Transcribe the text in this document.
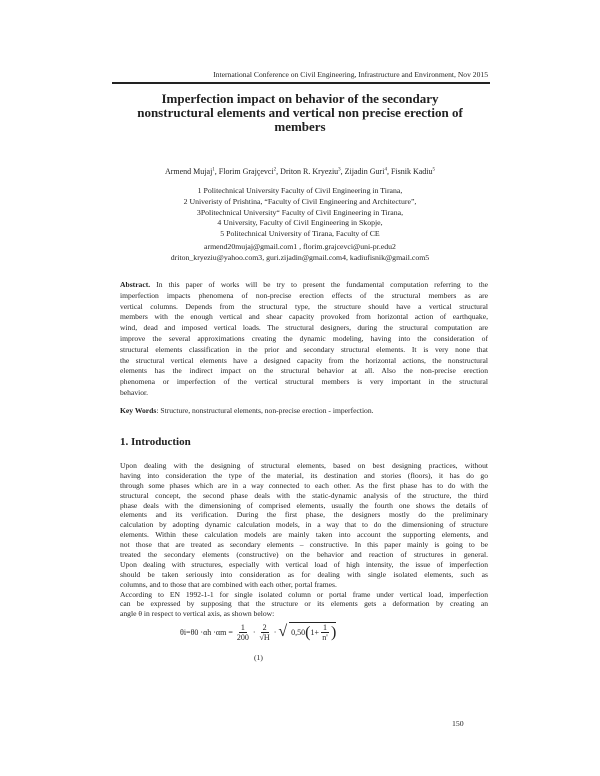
International Conference on Civil Engineering, Infrastructure and Environment, Nov 2015
Imperfection impact on behavior of the secondary
nonstructural elements and vertical non precise erection of
members
Armend Mujaj$^1$, Florim Grajçevci$^2$, Driton R. Kryeziu$^3$, Zijadin Guri$^4$, Fisnik Kadiu$^5$
1 Politechnical University Faculty of Civil Engineering in Tirana,
2 Univeristy of Prishtina, “Faculty of Civil Engineering and Architecture”,
3Politechnical University“ Faculty of Civil Engineering in Tirana,
4 University, Faculty of Civil Engineering in Skopje,
5 Politechnical University of Tirana, Faculty of CE
armend20mujaj@gmail.com1 , florim.grajcevci@uni-pr.edu2
driton_kryeziu@yahoo.com3, guri.zijadin@gmail.com4, kadiufisnik@gmail.com5
Abstract. In this paper of works will be try to present the fundamental computation referring to the
imperfection impacts phenomena of non-precise erection effects of the structural members as are
vertical columns. Depends from the structural type, the structure should have a vertical structural
members with the enough vertical and shear capacity provoked from horizontal action of earthquake,
wind, dead and imposed vertical loads. The structural designers, during the structural computation are
improve the several approximations creating the dynamic modeling, having into the consideration of
structural elements classification in the prior and secondary structural elements. It is very none that
the structural vertical elements have a designed capacity from the horizontal actions, the nonstructural
elements has the indirect impact on the structural behavior at all. Also the non-precise erection
phenomena or imperfection of the vertical structural members is very important in the structural
behavior.
Key Words: Structure, nonstructural elements, non-precise erection - imperfection.
1. Introduction
Upon dealing with the designing of structural elements, based on best designing practices, without
having into consideration the type of the material, its destination and stories (floors), it has do go
through some phases which are in a way connected to each other. As the first phase has to do with the
structural concept, the second phase deals with the static-dynamic analysis of the structure, the third
phase deals with the dimensioning of comprised elements, usually the fourth one shows the details of
elements and its verification. During the first phase, the designers mostly do the preliminary
calculation by adopting dynamic calculation models, in a way that to do the dimensioning of structure
elements. Within these calculation models are mainly taken into account the supporting elements, and
not those that are treated as secondary elements – constructive. In this paper mainly is going to be
treated the secondary elements (constructive) on the behavior and reaction of structures in general.
Upon dealing with structures, especially with vertical load of high intensity, the issue of imperfection
should be taken seriously into consideration as for dealing with single isolated elements, such as
columns, and to those that are combined with each other, portal frames.
According to EN 1992-1-1 for single isolated column or portal frame under vertical load, imperfection
can be expressed by supposing that the structure or its elements gets a deformation by creating an
angle θ in respect to vertical axis, as shown below:
$\theta i=\theta 0 \cdot\alpha h \cdot\alpha m = \frac{1}{200} \cdot \frac{2}{√H}$ · √ 0,50 ( $1+ \frac{1}{n'}$ )
(1)
150
